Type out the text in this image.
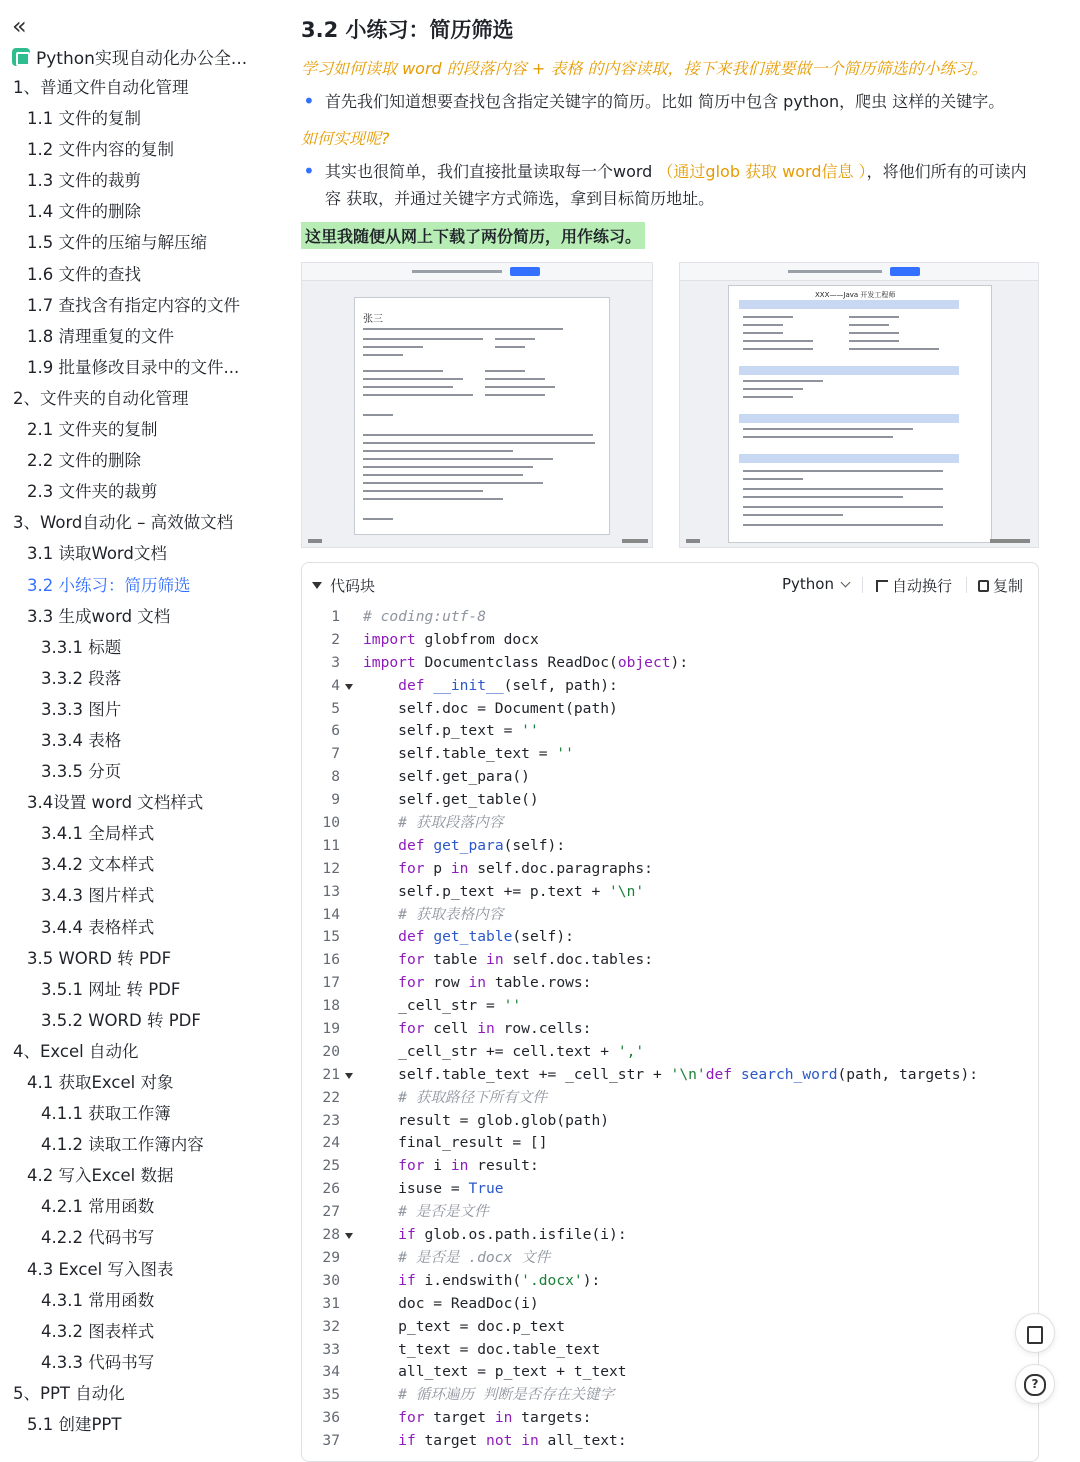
«
Python实现自动化办公全...
1、普通文件自动化管理
1.1 文件的复制
1.2 文件内容的复制
1.3 文件的裁剪
1.4 文件的删除
1.5 文件的压缩与解压缩
1.6 文件的查找
1.7 查找含有指定内容的文件
1.8 清理重复的文件
1.9 批量修改目录中的文件...
2、文件夹的自动化管理
2.1 文件夹的复制
2.2 文件的删除
2.3 文件夹的裁剪
3、Word自动化 – 高效做文档
3.1 读取Word文档
3.2 小练习：简历筛选
3.3 生成word 文档
3.3.1 标题
3.3.2 段落
3.3.3 图片
3.3.4 表格
3.3.5 分页
3.4设置 word 文档样式
3.4.1 全局样式
3.4.2 文本样式
3.4.3 图片样式
3.4.4 表格样式
3.5 WORD 转 PDF
3.5.1 网址 转 PDF
3.5.2 WORD 转 PDF
4、Excel 自动化
4.1 获取Excel 对象
4.1.1 获取工作簿
4.1.2 读取工作簿内容
4.2 写入Excel 数据
4.2.1 常用函数
4.2.2 代码书写
4.3 Excel 写入图表
4.3.1 常用函数
4.3.2 图表样式
4.3.3 代码书写
5、PPT 自动化
5.1 创建PPT
3.2 小练习：简历筛选

学习如何读取 word 的段落内容 + 表格 的内容读取，接下来我们就要做一个简历筛选的小练习。

• 首先我们知道想要查找包含指定关键字的简历。比如 简历中包含 python，爬虫 这样的关键字。

如何实现呢?

• 其实也很简单，我们直接批量读取每一个word （通过glob 获取 word信息 ），将他们所有的可读内容 获取，并通过关键字方式筛选，拿到目标简历地址。
这里我随便从网上下载了两份简历，用作练习。
张三
XXX——Java 开发工程师
代码块	Python	自动换行	复制
1 # coding:utf-8
2 import globfrom docx
3 import Documentclass ReadDoc(object):
4	def __init__(self, path):
5 self.doc = Document(path)
6 self.p_text = ''
7 self.table_text = ''
8 self.get_para()
9 self.get_table()
10	# 获取段落内容
11	def get_para(self):
12	for p in self.doc.paragraphs:
13 self.p_text += p.text + '\n'
14	# 获取表格内容
15	def get_table(self):
16	for table in self.doc.tables:
17	for row in table.rows:
18 _cell_str = ''
19	for cell in row.cells:
20 _cell_str += cell.text + ','
21 self.table_text += _cell_str + '\n'def search_word(path, targets):
22	# 获取路径下所有文件
23 result = glob.glob(path)
24 final_result = []
25	for i in result:
26 isuse = True
27	# 是否是文件
28	if glob.os.path.isfile(i):
29	# 是否是 .docx 文件
30	if i.endswith('.docx'):
31 doc = ReadDoc(i)
32 p_text = doc.p_text
33 t_text = doc.table_text
34 all_text = p_text + t_text
35	# 循环遍历 判断是否存在关键字
36	for target in targets:
37	if target not in all_text:
?
